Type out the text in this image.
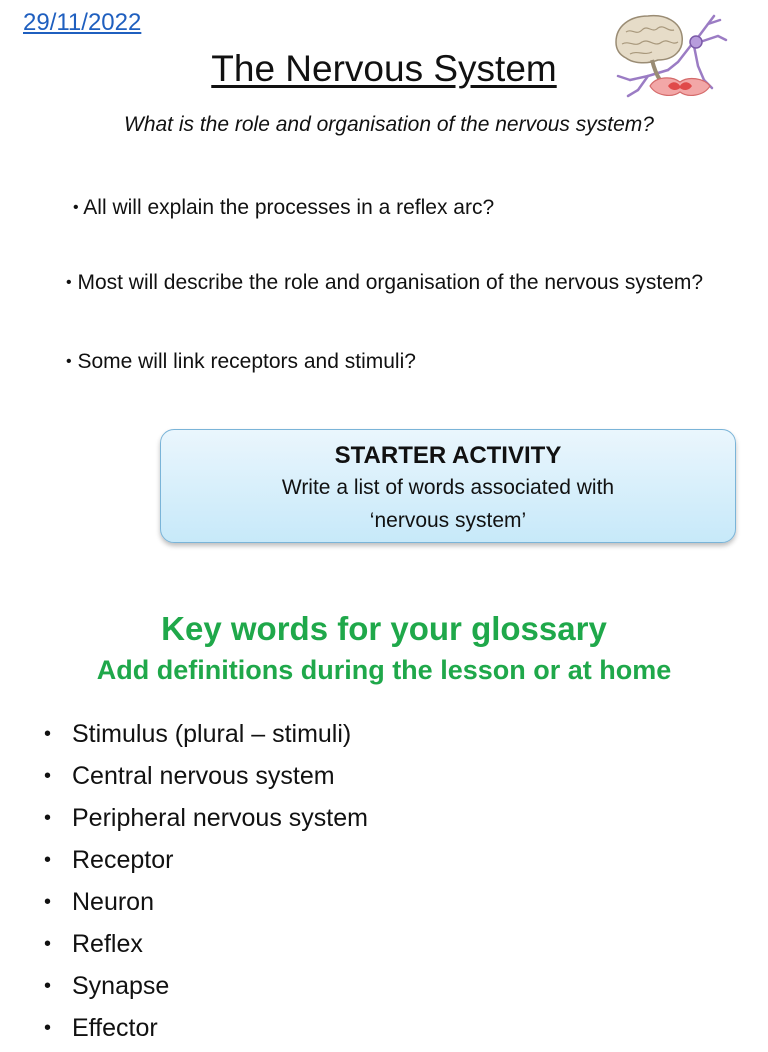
29/11/2022
The Nervous System
What is the role and organisation of the nervous system?
• All will explain the processes in a reflex arc?
• Most will describe the role and organisation of the nervous system?
• Some will link receptors and stimuli?
STARTER ACTIVITY
Write a list of words associated with
‘nervous system’
Key words for your glossary
Add definitions during the lesson or at home
• Stimulus (plural – stimuli)
• Central nervous system
• Peripheral nervous system
• Receptor
• Neuron
• Reflex
• Synapse
• Effector
